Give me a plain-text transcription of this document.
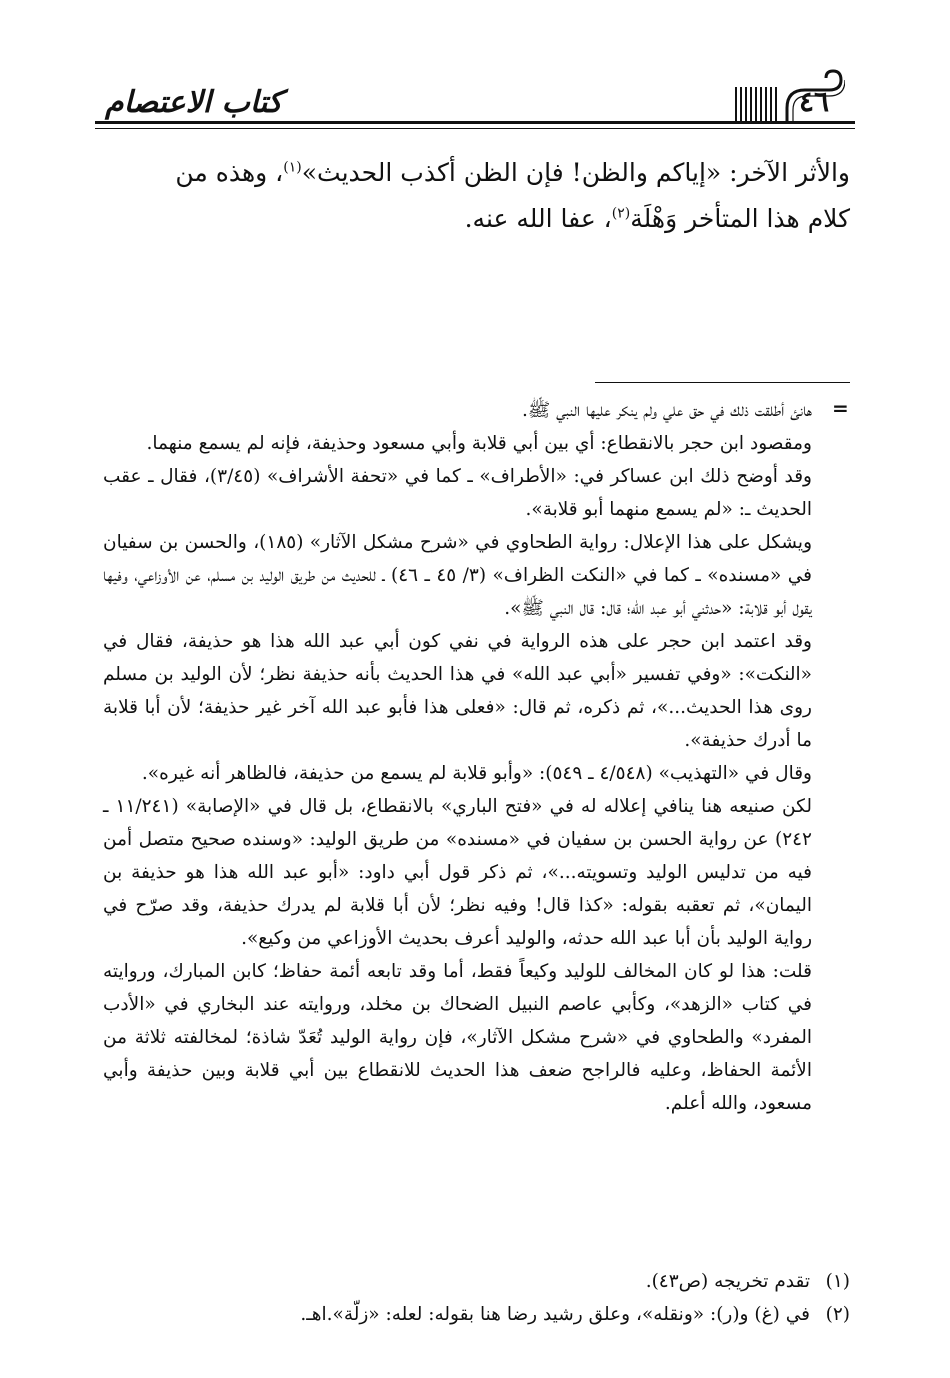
كتاب الاعتصام	٤٦

والأثر الآخر: «إياكم والظن! فإن الظن أكذب الحديث»$^{(١)}$، وهذه من

كلام هذا المتأخر وَهْلَة$^{(٢)}$، عفا الله عنه.

=

هانئ أطلقت ذلك في حق علي ولم ينكر عليها النبي ﷺ.

ومقصود ابن حجر بالانقطاع: أي بين أبي قلابة وأبي مسعود وحذيفة، فإنه لم يسمع منهما.

وقد أوضح ذلك ابن عساكر في: «الأطراف» ـ كما في «تحفة الأشراف» (٣/٤٥)، فقال ـ عقب الحديث ـ: «لم يسمع منهما أبو قلابة».

ويشكل على هذا الإعلال: رواية الطحاوي في «شرح مشكل الآثار» (١٨٥)، والحسن بن سفيان في «مسنده» ـ كما في «النكت الظراف» (٣/ ٤٥ ـ ٤٦) ـ للحديث من طريق الوليد بن مسلم، عن الأوزاعي، وفيها يقول أبو قلابة: «حدثني أبو عبد الله؛ قال: قال النبي ﷺ».

وقد اعتمد ابن حجر على هذه الرواية في نفي كون أبي عبد الله هذا هو حذيفة، فقال في «النكت»: «وفي تفسير «أبي عبد الله» في هذا الحديث بأنه حذيفة نظر؛ لأن الوليد بن مسلم روى هذا الحديث...»، ثم ذكره، ثم قال: «فعلى هذا فأبو عبد الله آخر غير حذيفة؛ لأن أبا قلابة ما أدرك حذيفة».

وقال في «التهذيب» (٤/٥٤٨ ـ ٥٤٩): «وأبو قلابة لم يسمع من حذيفة، فالظاهر أنه غيره».

لكن صنيعه هنا ينافي إعلاله له في «فتح الباري» بالانقطاع، بل قال في «الإصابة» (١١/٢٤١ ـ ٢٤٢) عن رواية الحسن بن سفيان في «مسنده» من طريق الوليد: «وسنده صحيح متصل أمن فيه من تدليس الوليد وتسويته...»، ثم ذكر قول أبي داود: «أبو عبد الله هذا هو حذيفة بن اليمان»، ثم تعقبه بقوله: «كذا قال! وفيه نظر؛ لأن أبا قلابة لم يدرك حذيفة، وقد صرّح في رواية الوليد بأن أبا عبد الله حدثه، والوليد أعرف بحديث الأوزاعي من وكيع».

قلت: هذا لو كان المخالف للوليد وكيعاً فقط، أما وقد تابعه أئمة حفاظ؛ كابن المبارك، وروايته في كتاب «الزهد»، وكأبي عاصم النبيل الضحاك بن مخلد، وروايته عند البخاري في «الأدب المفرد» والطحاوي في «شرح مشكل الآثار»، فإن رواية الوليد تُعَدّ شاذة؛ لمخالفته ثلاثة من الأئمة الحفاظ، وعليه فالراجح ضعف هذا الحديث للانقطاع بين أبي قلابة وبين حذيفة وأبي مسعود، والله أعلم.

(١)
تقدم تخريجه (ص٤٣).

(٢)
في (غ) و(ر): «ونقله»، وعلق رشيد رضا هنا بقوله: لعله: «زلّة».اهـ.
